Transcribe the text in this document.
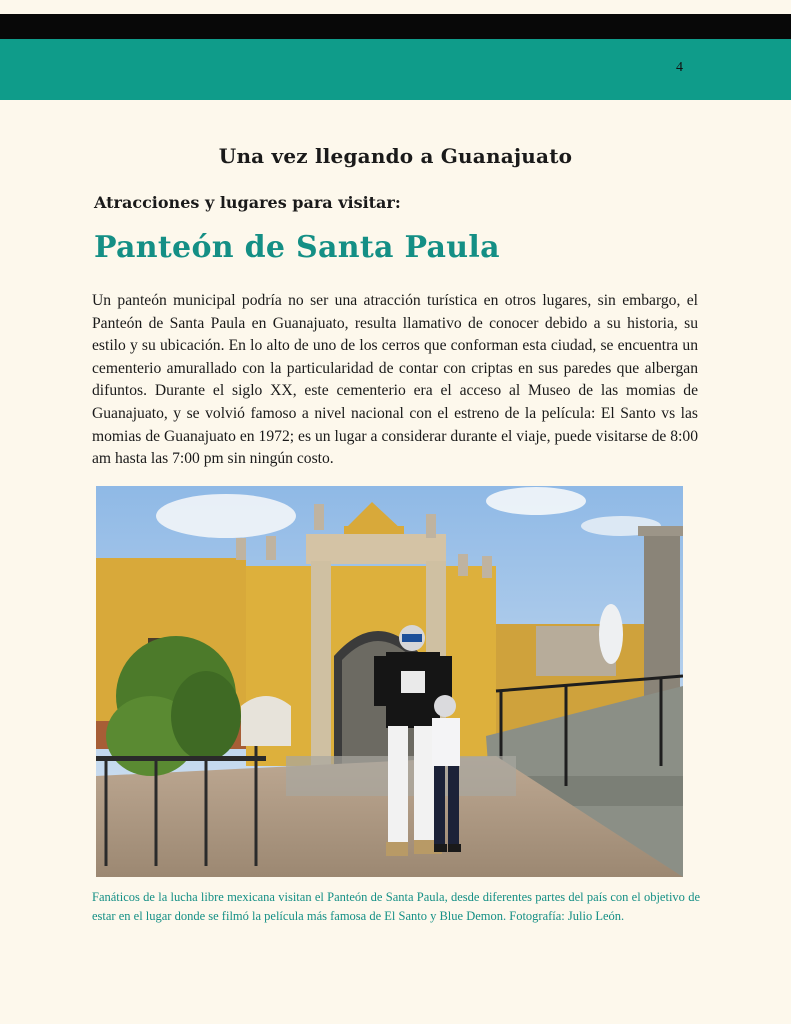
4
Una vez llegando a Guanajuato
Atracciones y lugares para visitar:
Panteón de Santa Paula
Un panteón municipal podría no ser una atracción turística en otros lugares, sin embargo, el Panteón de Santa Paula en Guanajuato, resulta llamativo de conocer debido a su historia, su estilo y su ubicación. En lo alto de uno de los cerros que conforman esta ciudad, se encuentra un cementerio amurallado con la particularidad de contar con criptas en sus paredes que albergan difuntos. Durante el siglo XX, este cementerio era el acceso al Museo de las momias de Guanajuato, y se volvió famoso a nivel nacional con el estreno de la película: El Santo vs las momias de Guanajuato en 1972; es un lugar a considerar durante el viaje, puede visitarse de 8:00 am hasta las 7:00 pm sin ningún costo.
Fanáticos de la lucha libre mexicana visitan el Panteón de Santa Paula, desde diferentes partes del país con el objetivo de estar en el lugar donde se filmó la película más famosa de El Santo y Blue Demon. Fotografía: Julio León.
